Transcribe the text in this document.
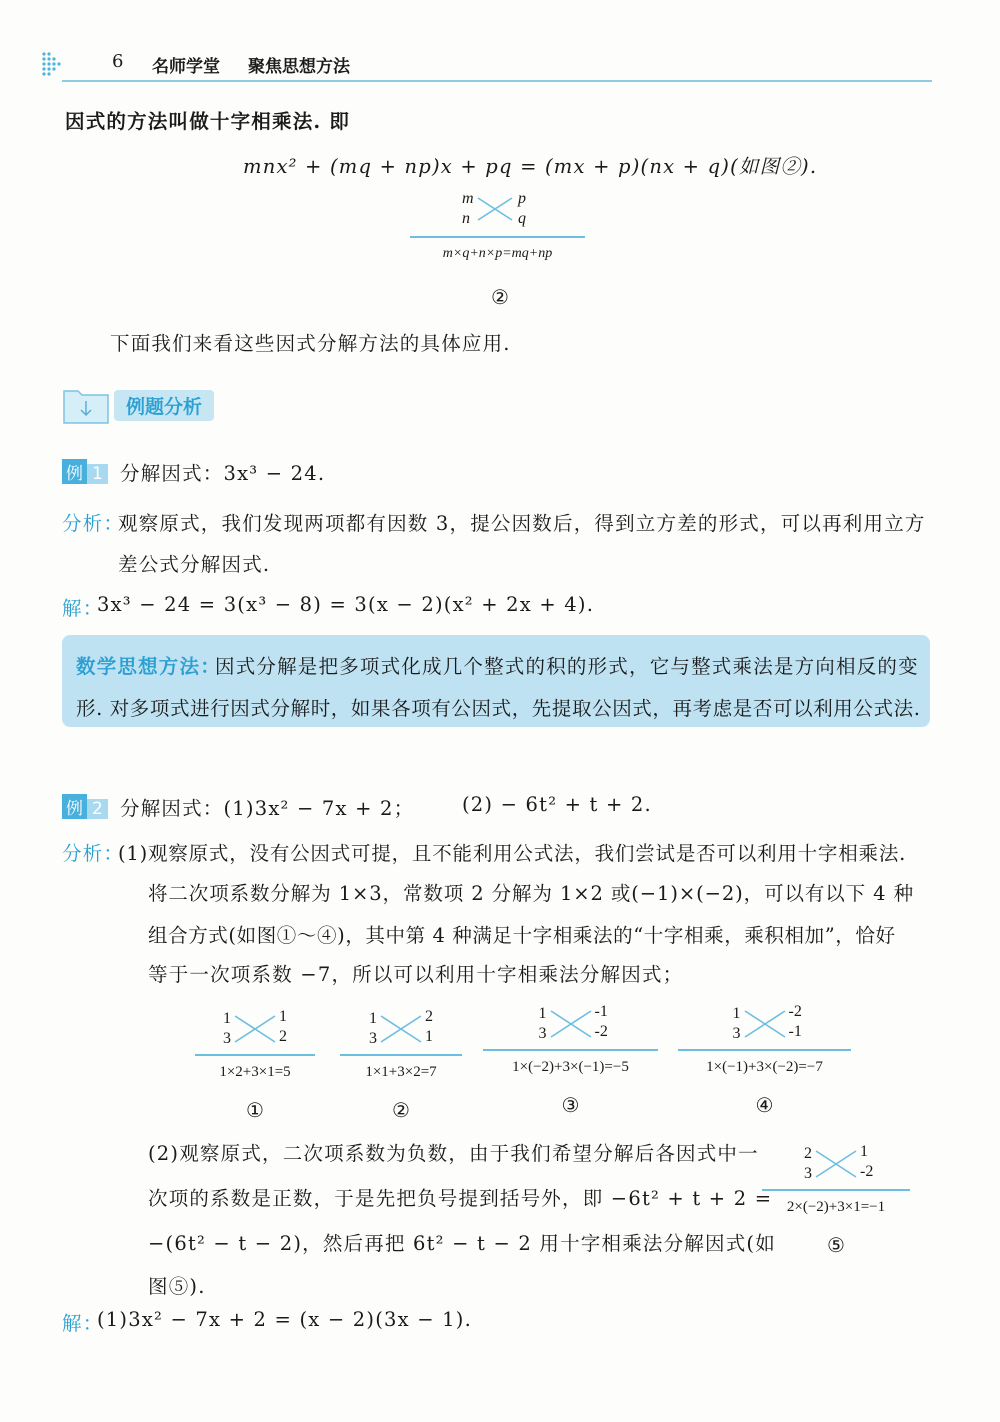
6 名师学堂 聚焦思想方法
因式的方法叫做十字相乘法. 即
mnx² + (mq + np)x + pq = (mx + p)(nx + q)(如图②).
m
n
p
q
m×q+n×p=mq+np
②
下面我们来看这些因式分解方法的具体应用.
例题分析
例 1 分解因式：3x³ − 24.
分析：
观察原式，我们发现两项都有因数 3，提公因数后，得到立方差的形式，可以再利用立方
差公式分解因式.
解：
3x³ − 24 = 3(x³ − 8) = 3(x − 2)(x² + 2x + 4).
数学思想方法：
因式分解是把多项式化成几个整式的积的形式，它与整式乘法是方向相反的变
形. 对多项式进行因式分解时，如果各项有公因式，先提取公因式，再考虑是否可以利用公式法.
例 2 分解因式：(1)3x² − 7x + 2； (2) − 6t² + t + 2.
分析：
(1)观察原式，没有公因式可提，且不能利用公式法，我们尝试是否可以利用十字相乘法.
将二次项系数分解为 1×3，常数项 2 分解为 1×2 或(−1)×(−2)，可以有以下 4 种
组合方式(如图①～④)，其中第 4 种满足十字相乘法的“十字相乘，乘积相加”，恰好
等于一次项系数 −7，所以可以利用十字相乘法分解因式；
1
3
1
2
1×2+3×1=5
①
1
3
2
1
1×1+3×2=7
②
1
3
-1
-2
1×(−2)+3×(−1)=−5
③
1
3
-2
-1
1×(−1)+3×(−2)=−7
④
2
3
1
-2
2×(−2)+3×1=−1
⑤
(2)观察原式，二次项系数为负数，由于我们希望分解后各因式中一
次项的系数是正数，于是先把负号提到括号外，即 −6t² + t + 2 =
−(6t² − t − 2)，然后再把 6t² − t − 2 用十字相乘法分解因式(如
图⑤).
解：
(1)3x² − 7x + 2 = (x − 2)(3x − 1).
